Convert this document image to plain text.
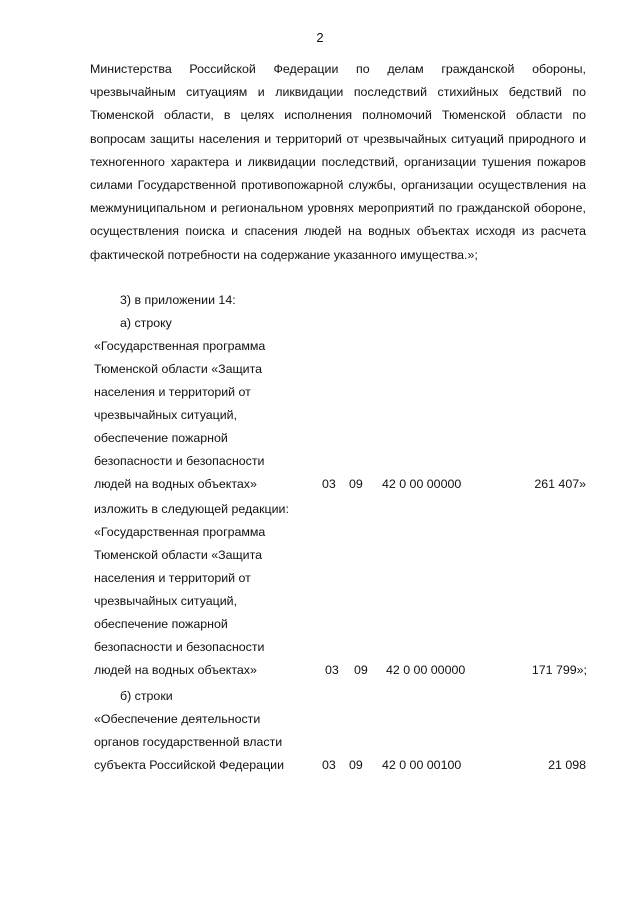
2

Министерства Российской Федерации по делам гражданской обороны, чрезвычайным ситуациям и ликвидации последствий стихийных бедствий по Тюменской области, в целях исполнения полномочий Тюменской области по вопросам защиты населения и территорий от чрезвычайных ситуаций природного и техногенного характера и ликвидации последствий, организации тушения пожаров силами Государственной противопожарной службы, организации осуществления на межмуниципальном и региональном уровнях мероприятий по гражданской обороне, осуществления поиска и спасения людей на водных объектах исходя из расчета фактической потребности на содержание указанного имущества.»;

3) в приложении 14:
а) строку
«Государственная программа
Тюменской области «Защита
населения и территорий от
чрезвычайных ситуаций,
обеспечение пожарной
безопасности и безопасности
людей на водных объектах»	03 09 42 0 00 00000	261 407»
изложить в следующей редакции:
«Государственная программа
Тюменской области «Защита
населения и территорий от
чрезвычайных ситуаций,
обеспечение пожарной
безопасности и безопасности
людей на водных объектах»	03 09 42 0 00 00000	171 799»;
б) строки
«Обеспечение деятельности
органов государственной власти
субъекта Российской Федерации	03 09 42 0 00 00100	21 098
